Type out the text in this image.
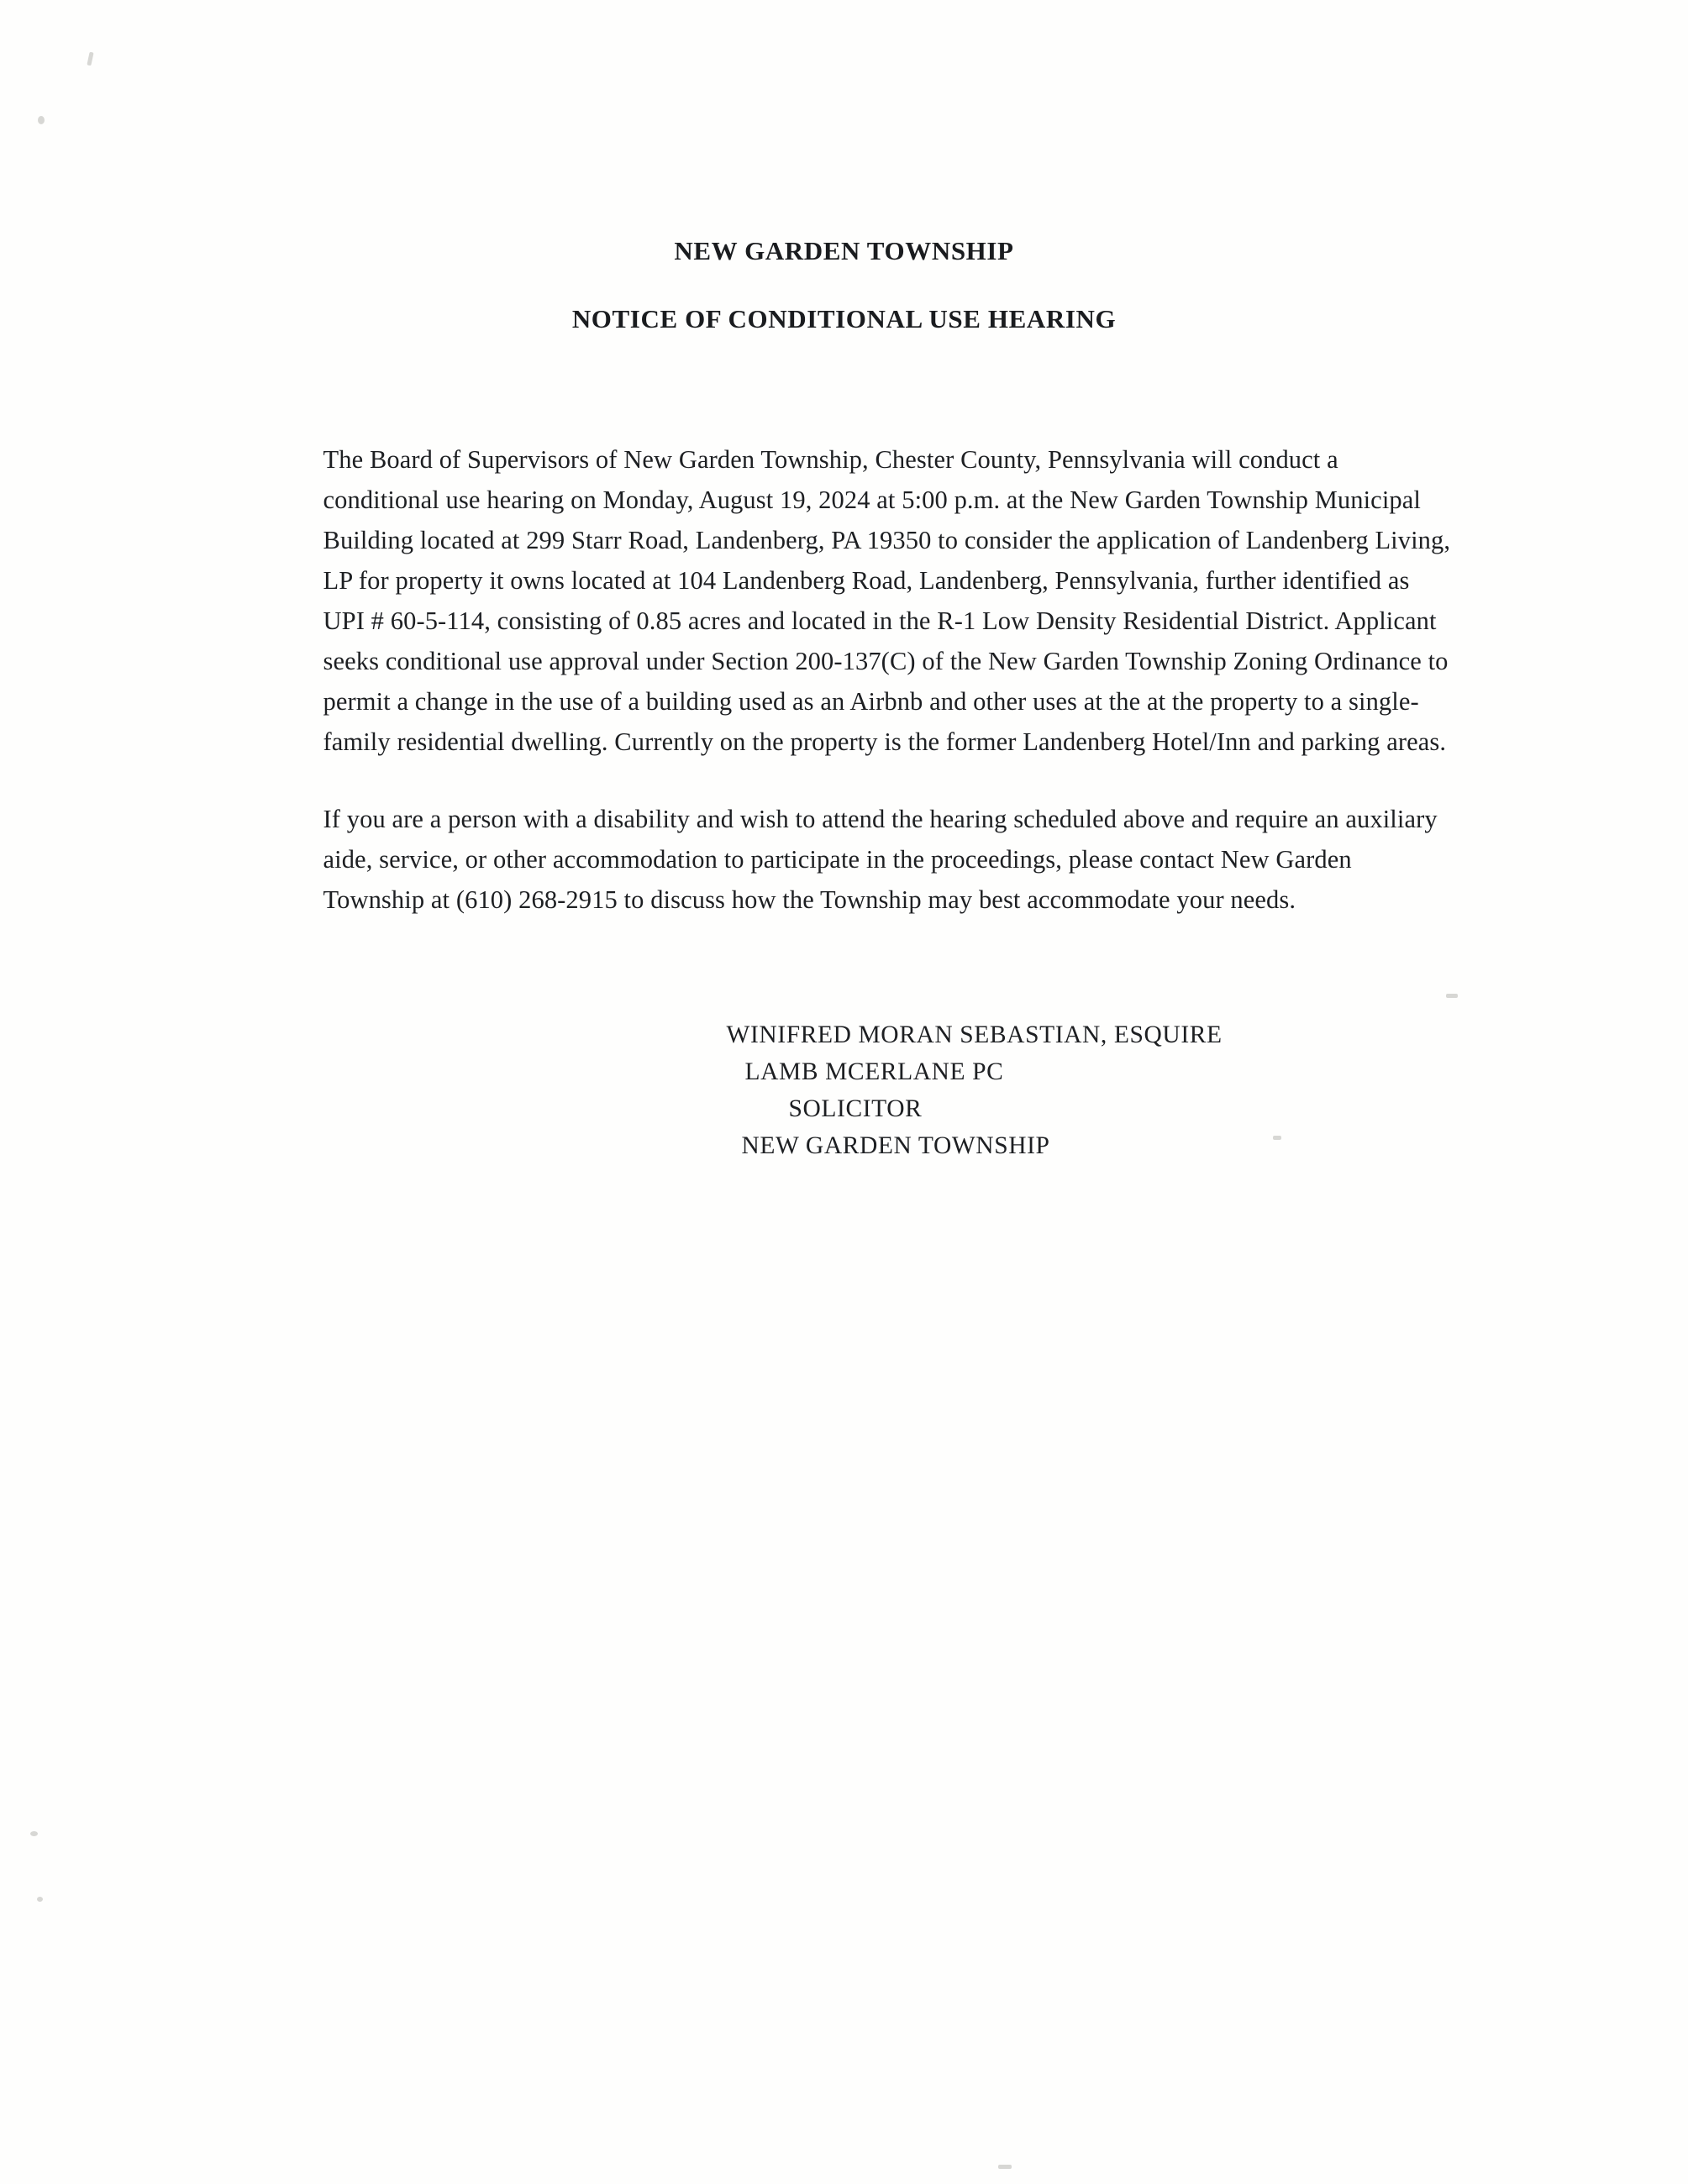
NEW GARDEN TOWNSHIP
NOTICE OF CONDITIONAL USE HEARING

The Board of Supervisors of New Garden Township, Chester County, Pennsylvania will conduct a conditional use hearing on Monday, August 19, 2024 at 5:00 p.m. at the New Garden Township Municipal Building located at 299 Starr Road, Landenberg, PA 19350 to consider the application of Landenberg Living, LP for property it owns located at 104 Landenberg Road, Landenberg, Pennsylvania, further identified as UPI # 60-5-114, consisting of 0.85 acres and located in the R-1 Low Density Residential District. Applicant seeks conditional use approval under Section 200-137(C) of the New Garden Township Zoning Ordinance to permit a change in the use of a building used as an Airbnb and other uses at the at the property to a single-family residential dwelling. Currently on the property is the former Landenberg Hotel/Inn and parking areas.

If you are a person with a disability and wish to attend the hearing scheduled above and require an auxiliary aide, service, or other accommodation to participate in the proceedings, please contact New Garden Township at (610) 268-2915 to discuss how the Township may best accommodate your needs.

WINIFRED MORAN SEBASTIAN, ESQUIRE
LAMB MCERLANE PC
SOLICITOR
NEW GARDEN TOWNSHIP
